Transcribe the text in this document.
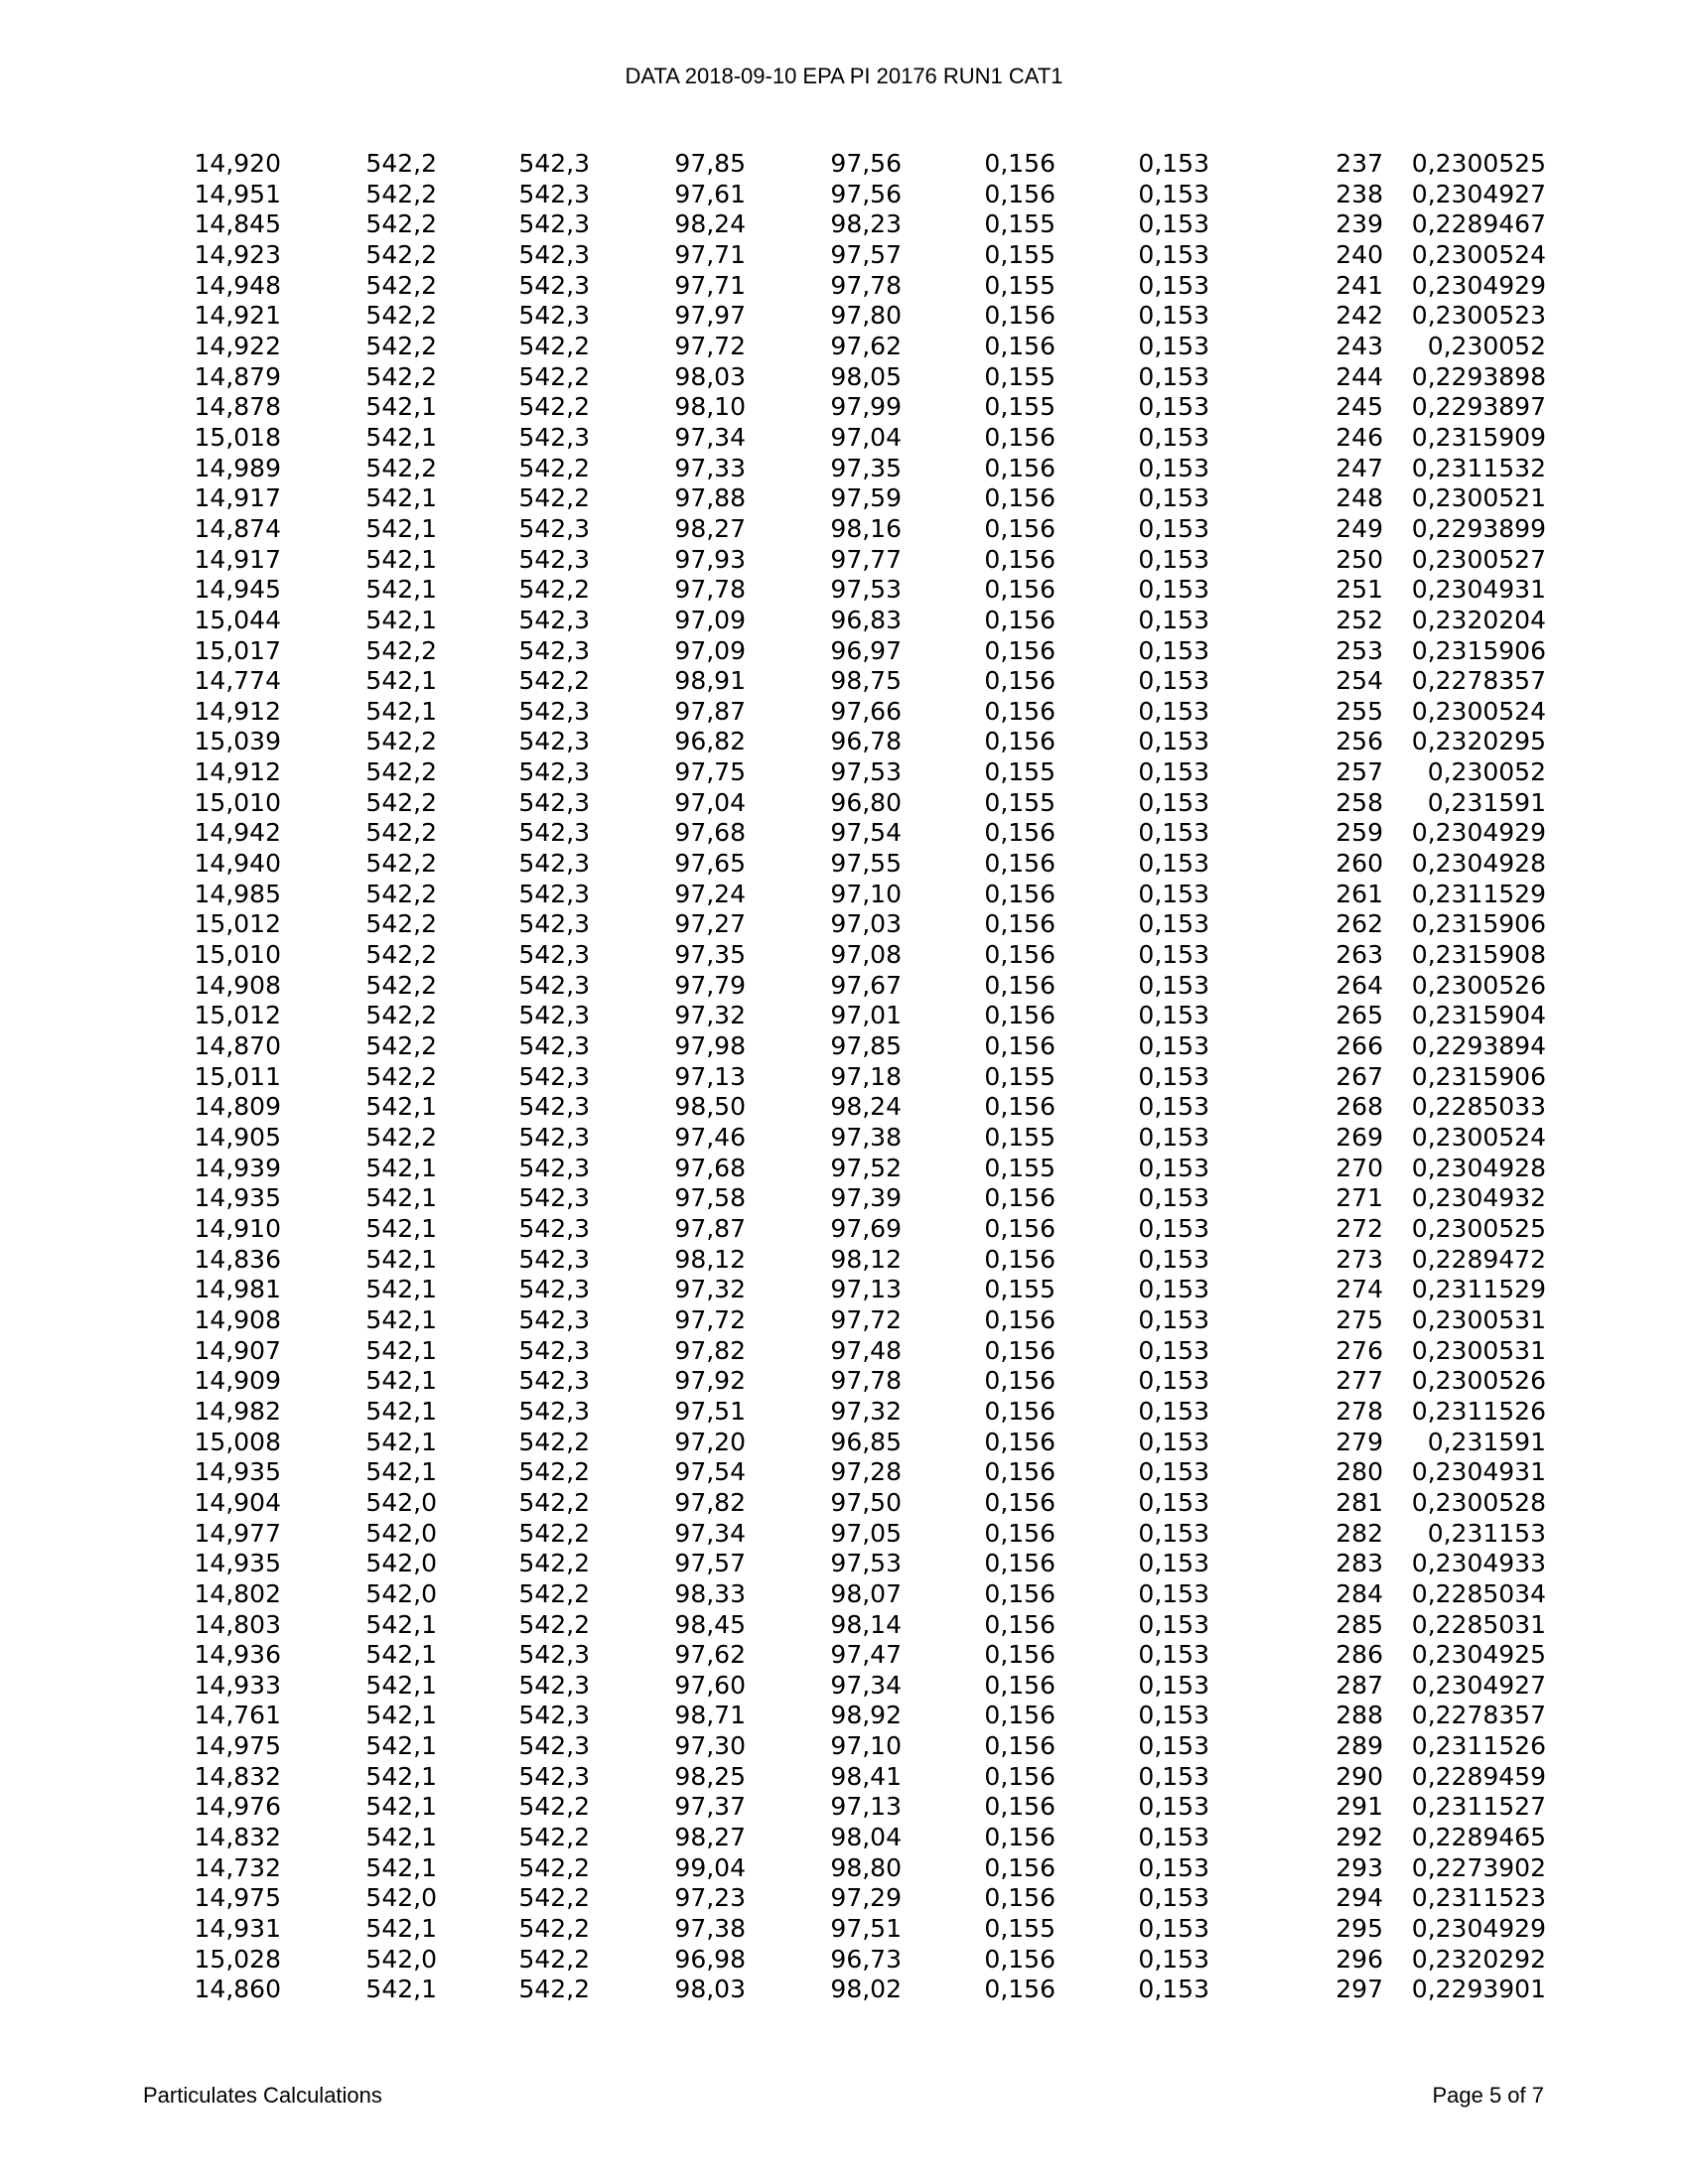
DATA 2018-09-10 EPA PI 20176 RUN1 CAT1
14,920	542,2	542,3	97,85	97,56	0,156	0,153	237	0,2300525
14,951	542,2	542,3	97,61	97,56	0,156	0,153	238	0,2304927
14,845	542,2	542,3	98,24	98,23	0,155	0,153	239	0,2289467
14,923	542,2	542,3	97,71	97,57	0,155	0,153	240	0,2300524
14,948	542,2	542,3	97,71	97,78	0,155	0,153	241	0,2304929
14,921	542,2	542,3	97,97	97,80	0,156	0,153	242	0,2300523
14,922	542,2	542,2	97,72	97,62	0,156	0,153	243	0,230052
14,879	542,2	542,2	98,03	98,05	0,155	0,153	244	0,2293898
14,878	542,1	542,2	98,10	97,99	0,155	0,153	245	0,2293897
15,018	542,1	542,3	97,34	97,04	0,156	0,153	246	0,2315909
14,989	542,2	542,2	97,33	97,35	0,156	0,153	247	0,2311532
14,917	542,1	542,2	97,88	97,59	0,156	0,153	248	0,2300521
14,874	542,1	542,3	98,27	98,16	0,156	0,153	249	0,2293899
14,917	542,1	542,3	97,93	97,77	0,156	0,153	250	0,2300527
14,945	542,1	542,2	97,78	97,53	0,156	0,153	251	0,2304931
15,044	542,1	542,3	97,09	96,83	0,156	0,153	252	0,2320204
15,017	542,2	542,3	97,09	96,97	0,156	0,153	253	0,2315906
14,774	542,1	542,2	98,91	98,75	0,156	0,153	254	0,2278357
14,912	542,1	542,3	97,87	97,66	0,156	0,153	255	0,2300524
15,039	542,2	542,3	96,82	96,78	0,156	0,153	256	0,2320295
14,912	542,2	542,3	97,75	97,53	0,155	0,153	257	0,230052
15,010	542,2	542,3	97,04	96,80	0,155	0,153	258	0,231591
14,942	542,2	542,3	97,68	97,54	0,156	0,153	259	0,2304929
14,940	542,2	542,3	97,65	97,55	0,156	0,153	260	0,2304928
14,985	542,2	542,3	97,24	97,10	0,156	0,153	261	0,2311529
15,012	542,2	542,3	97,27	97,03	0,156	0,153	262	0,2315906
15,010	542,2	542,3	97,35	97,08	0,156	0,153	263	0,2315908
14,908	542,2	542,3	97,79	97,67	0,156	0,153	264	0,2300526
15,012	542,2	542,3	97,32	97,01	0,156	0,153	265	0,2315904
14,870	542,2	542,3	97,98	97,85	0,156	0,153	266	0,2293894
15,011	542,2	542,3	97,13	97,18	0,155	0,153	267	0,2315906
14,809	542,1	542,3	98,50	98,24	0,156	0,153	268	0,2285033
14,905	542,2	542,3	97,46	97,38	0,155	0,153	269	0,2300524
14,939	542,1	542,3	97,68	97,52	0,155	0,153	270	0,2304928
14,935	542,1	542,3	97,58	97,39	0,156	0,153	271	0,2304932
14,910	542,1	542,3	97,87	97,69	0,156	0,153	272	0,2300525
14,836	542,1	542,3	98,12	98,12	0,156	0,153	273	0,2289472
14,981	542,1	542,3	97,32	97,13	0,155	0,153	274	0,2311529
14,908	542,1	542,3	97,72	97,72	0,156	0,153	275	0,2300531
14,907	542,1	542,3	97,82	97,48	0,156	0,153	276	0,2300531
14,909	542,1	542,3	97,92	97,78	0,156	0,153	277	0,2300526
14,982	542,1	542,3	97,51	97,32	0,156	0,153	278	0,2311526
15,008	542,1	542,2	97,20	96,85	0,156	0,153	279	0,231591
14,935	542,1	542,2	97,54	97,28	0,156	0,153	280	0,2304931
14,904	542,0	542,2	97,82	97,50	0,156	0,153	281	0,2300528
14,977	542,0	542,2	97,34	97,05	0,156	0,153	282	0,231153
14,935	542,0	542,2	97,57	97,53	0,156	0,153	283	0,2304933
14,802	542,0	542,2	98,33	98,07	0,156	0,153	284	0,2285034
14,803	542,1	542,2	98,45	98,14	0,156	0,153	285	0,2285031
14,936	542,1	542,3	97,62	97,47	0,156	0,153	286	0,2304925
14,933	542,1	542,3	97,60	97,34	0,156	0,153	287	0,2304927
14,761	542,1	542,3	98,71	98,92	0,156	0,153	288	0,2278357
14,975	542,1	542,3	97,30	97,10	0,156	0,153	289	0,2311526
14,832	542,1	542,3	98,25	98,41	0,156	0,153	290	0,2289459
14,976	542,1	542,2	97,37	97,13	0,156	0,153	291	0,2311527
14,832	542,1	542,2	98,27	98,04	0,156	0,153	292	0,2289465
14,732	542,1	542,2	99,04	98,80	0,156	0,153	293	0,2273902
14,975	542,0	542,2	97,23	97,29	0,156	0,153	294	0,2311523
14,931	542,1	542,2	97,38	97,51	0,155	0,153	295	0,2304929
15,028	542,0	542,2	96,98	96,73	0,156	0,153	296	0,2320292
14,860	542,1	542,2	98,03	98,02	0,156	0,153	297	0,2293901
Particulates Calculations	Page 5 of 7
